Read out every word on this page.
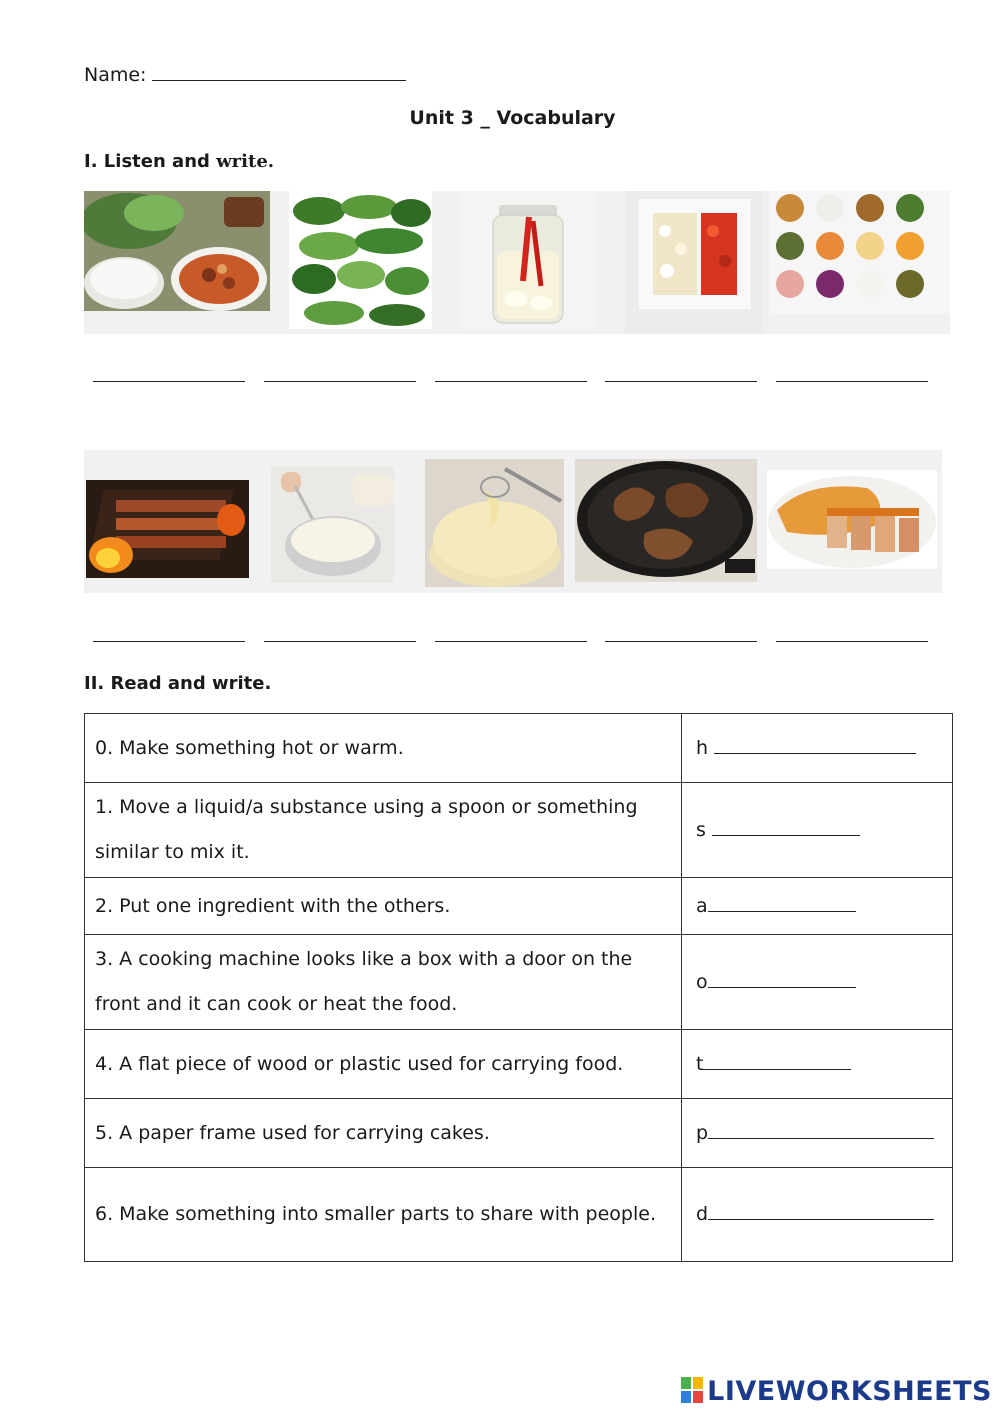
Name:
Unit 3 _ Vocabulary
I. Listen and write.
II. Read and write.
0. Make something hot or warm.	h
1. Move a liquid/a substance using a spoon or something similar to mix it.	s
2. Put one ingredient with the others.	a
3. A cooking machine looks like a box with a door on the front and it can cook or heat the food.	o
4. A flat piece of wood or plastic used for carrying food.	t
5. A paper frame used for carrying cakes.	p
6. Make something into smaller parts to share with people.	d
LIVEWORKSHEETS
